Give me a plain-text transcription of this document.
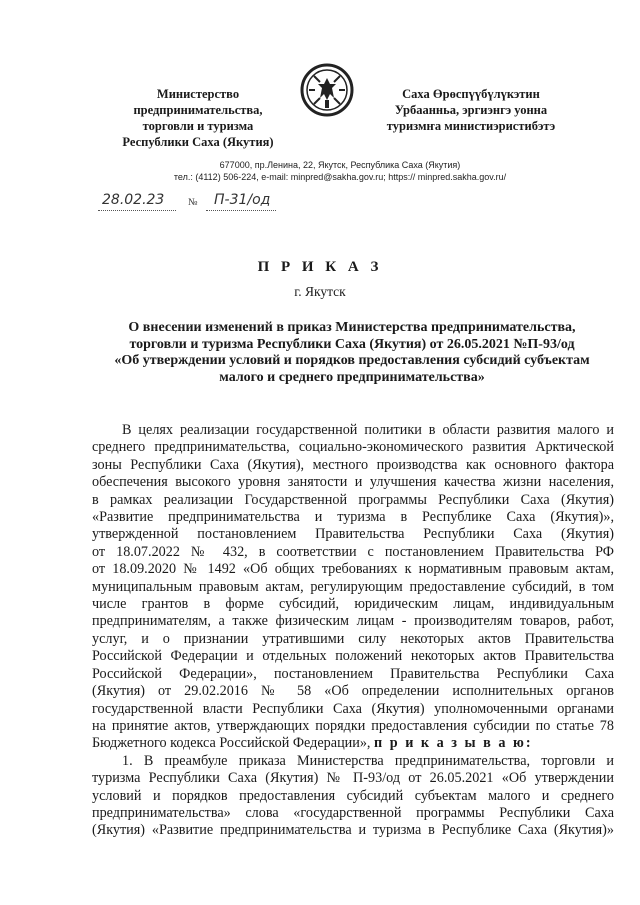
Министерство
предпринимательства,
торговли и туризма
Республики Саха (Якутия)
Саха Өрөспүүбүлүкэтин
Урбаанньа, эргиэнгэ уонна
туризмҥа министиэристибэтэ
677000, пр.Ленина, 22, Якутск, Республика Саха (Якутия)
тел.: (4112) 506-224, e-mail: minpred@sakha.gov.ru; https:// minpred.sakha.gov.ru/
28.02.23 № П-31/од
П Р И К А З
г. Якутск
О внесении изменений в приказ Министерства предпринимательства,
торговли и туризма Республики Саха (Якутия) от 26.05.2021 №П-93/од
«Об утверждении условий и порядков предоставления субсидий субъектам
малого и среднего предпринимательства»
В целях реализации государственной политики в области развития малого и
среднего предпринимательства, социально-экономического развития Арктической
зоны Республики Саха (Якутия), местного производства как основного фактора
обеспечения высокого уровня занятости и улучшения качества жизни населения,
в рамках реализации Государственной программы Республики Саха (Якутия)
«Развитие предпринимательства и туризма в Республике Саха (Якутия)»,
утвержденной постановлением Правительства Республики Саха (Якутия)
от 18.07.2022 № 432, в соответствии с постановлением Правительства РФ
от 18.09.2020 № 1492 «Об общих требованиях к нормативным правовым актам,
муниципальным правовым актам, регулирующим предоставление субсидий, в том
числе грантов в форме субсидий, юридическим лицам, индивидуальным
предпринимателям, а также физическим лицам - производителям товаров, работ,
услуг, и о признании утратившими силу некоторых актов Правительства
Российской Федерации и отдельных положений некоторых актов Правительства
Российской Федерации», постановлением Правительства Республики Саха
(Якутия) от 29.02.2016 № 58 «Об определении исполнительных органов
государственной власти Республики Саха (Якутия) уполномоченными органами
на принятие актов, утверждающих порядки предоставления субсидии по статье 78
Бюджетного кодекса Российской Федерации», п р и к а з ы в а ю:
1. В преамбуле приказа Министерства предпринимательства, торговли и
туризма Республики Саха (Якутия) № П-93/од от 26.05.2021 «Об утверждении
условий и порядков предоставления субсидий субъектам малого и среднего
предпринимательства» слова «государственной программы Республики Саха
(Якутия) «Развитие предпринимательства и туризма в Республике Саха (Якутия)»
